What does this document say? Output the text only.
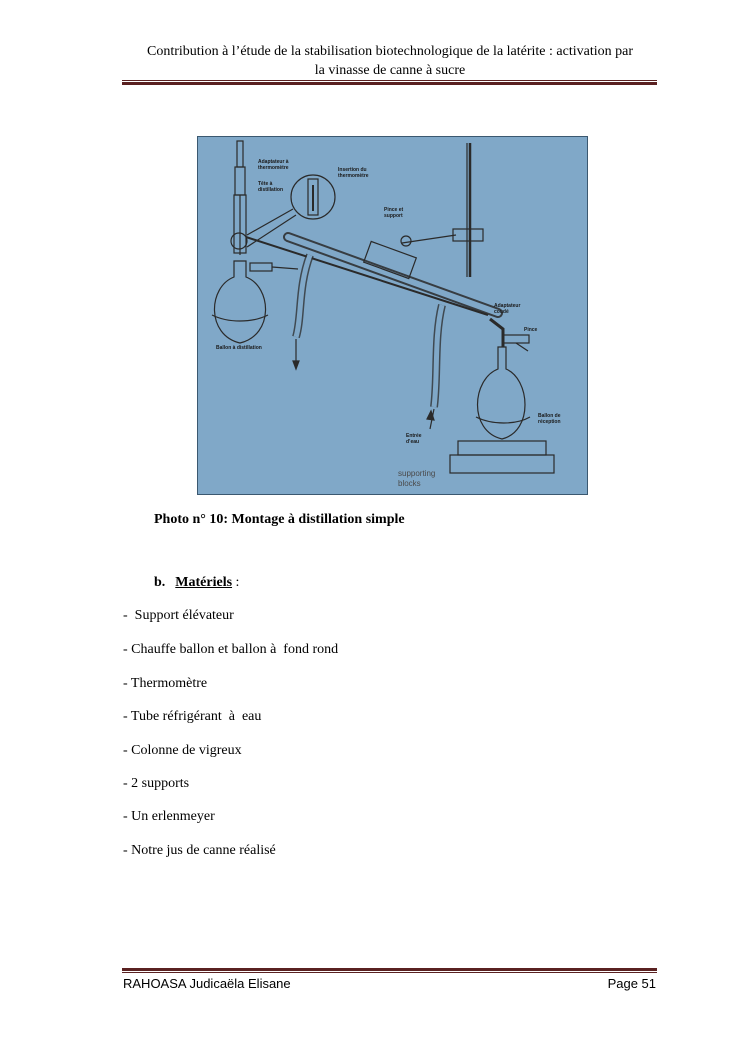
Contribution à l’étude de la stabilisation biotechnologique de la latérite : activation par
la vinasse de canne à sucre
Adaptateur à
thermomètre
Tête à
distillation
Insertion du
thermomètre
Pince et
support
Ballon à distillation
Adaptateur
coudé
Pince
Ballon de
réception
Entrée
d’eau
supporting
blocks
Photo n° 10: Montage à distillation simple
b. Matériels :
-  Support élévateur
- Chauffe ballon et ballon à  fond rond
- Thermomètre
- Tube réfrigérant  à  eau
- Colonne de vigreux
- 2 supports
- Un erlenmeyer
- Notre jus de canne réalisé
RAHOASA Judicaëla Elisane	Page 51
